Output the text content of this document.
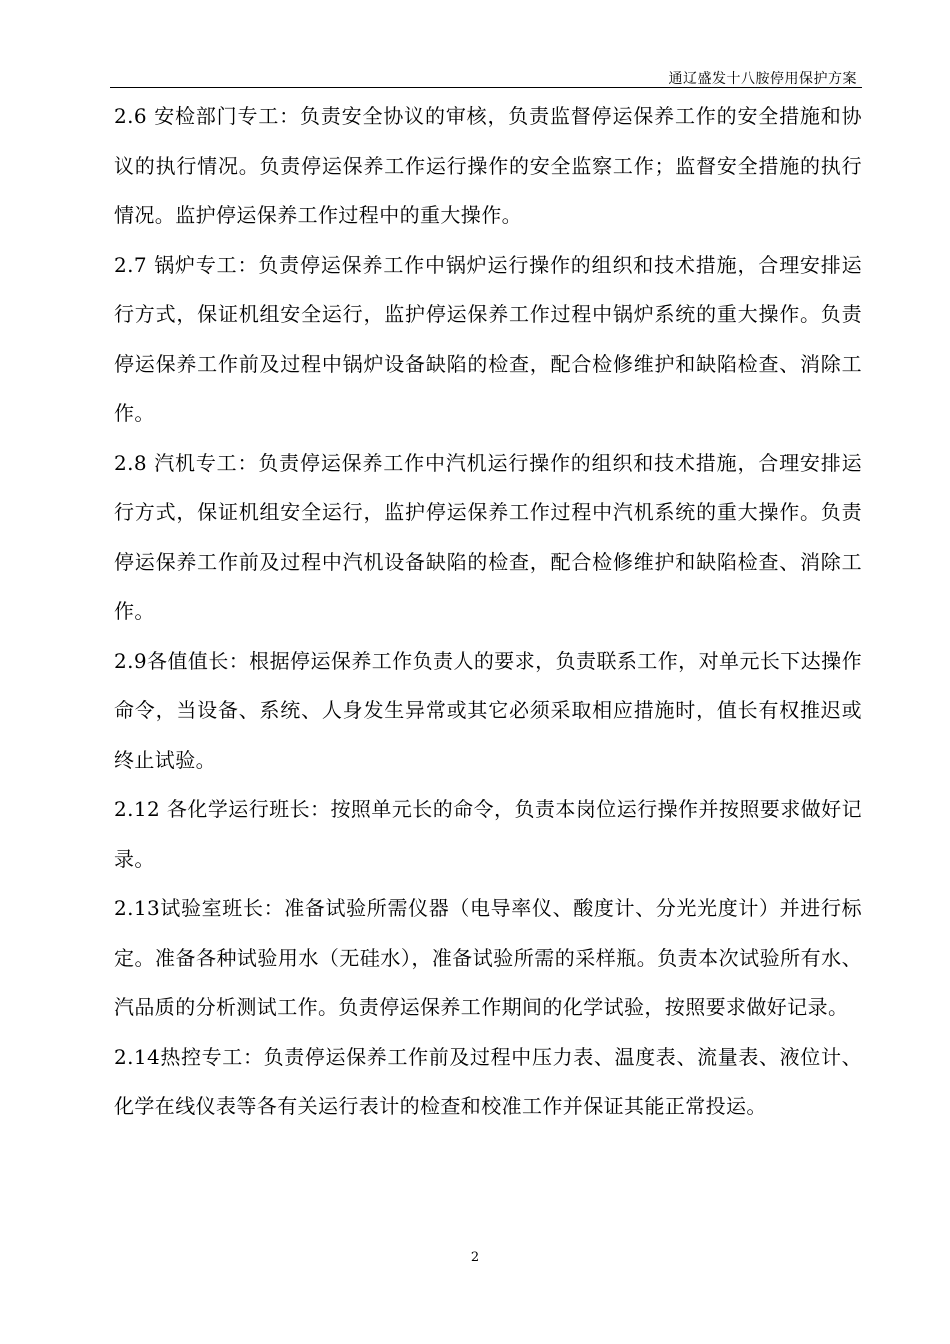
通辽盛发十八胺停用保护方案

2.6 安检部门专工：负责安全协议的审核，负责监督停运保养工作的安全措施和协议的执行情况。负责停运保养工作运行操作的安全监察工作；监督安全措施的执行情况。监护停运保养工作过程中的重大操作。

2.7 锅炉专工：负责停运保养工作中锅炉运行操作的组织和技术措施，合理安排运行方式，保证机组安全运行，监护停运保养工作过程中锅炉系统的重大操作。负责停运保养工作前及过程中锅炉设备缺陷的检查，配合检修维护和缺陷检查、消除工作。

2.8 汽机专工：负责停运保养工作中汽机运行操作的组织和技术措施，合理安排运行方式，保证机组安全运行，监护停运保养工作过程中汽机系统的重大操作。负责停运保养工作前及过程中汽机设备缺陷的检查，配合检修维护和缺陷检查、消除工作。

2.9各值值长：根据停运保养工作负责人的要求，负责联系工作，对单元长下达操作命令，当设备、系统、人身发生异常或其它必须采取相应措施时，值长有权推迟或终止试验。

2.12 各化学运行班长：按照单元长的命令，负责本岗位运行操作并按照要求做好记录。

2.13试验室班长：准备试验所需仪器（电导率仪、酸度计、分光光度计）并进行标定。准备各种试验用水（无硅水），准备试验所需的采样瓶。负责本次试验所有水、汽品质的分析测试工作。负责停运保养工作期间的化学试验，按照要求做好记录。

2.14热控专工：负责停运保养工作前及过程中压力表、温度表、流量表、液位计、化学在线仪表等各有关运行表计的检查和校准工作并保证其能正常投运。

2
